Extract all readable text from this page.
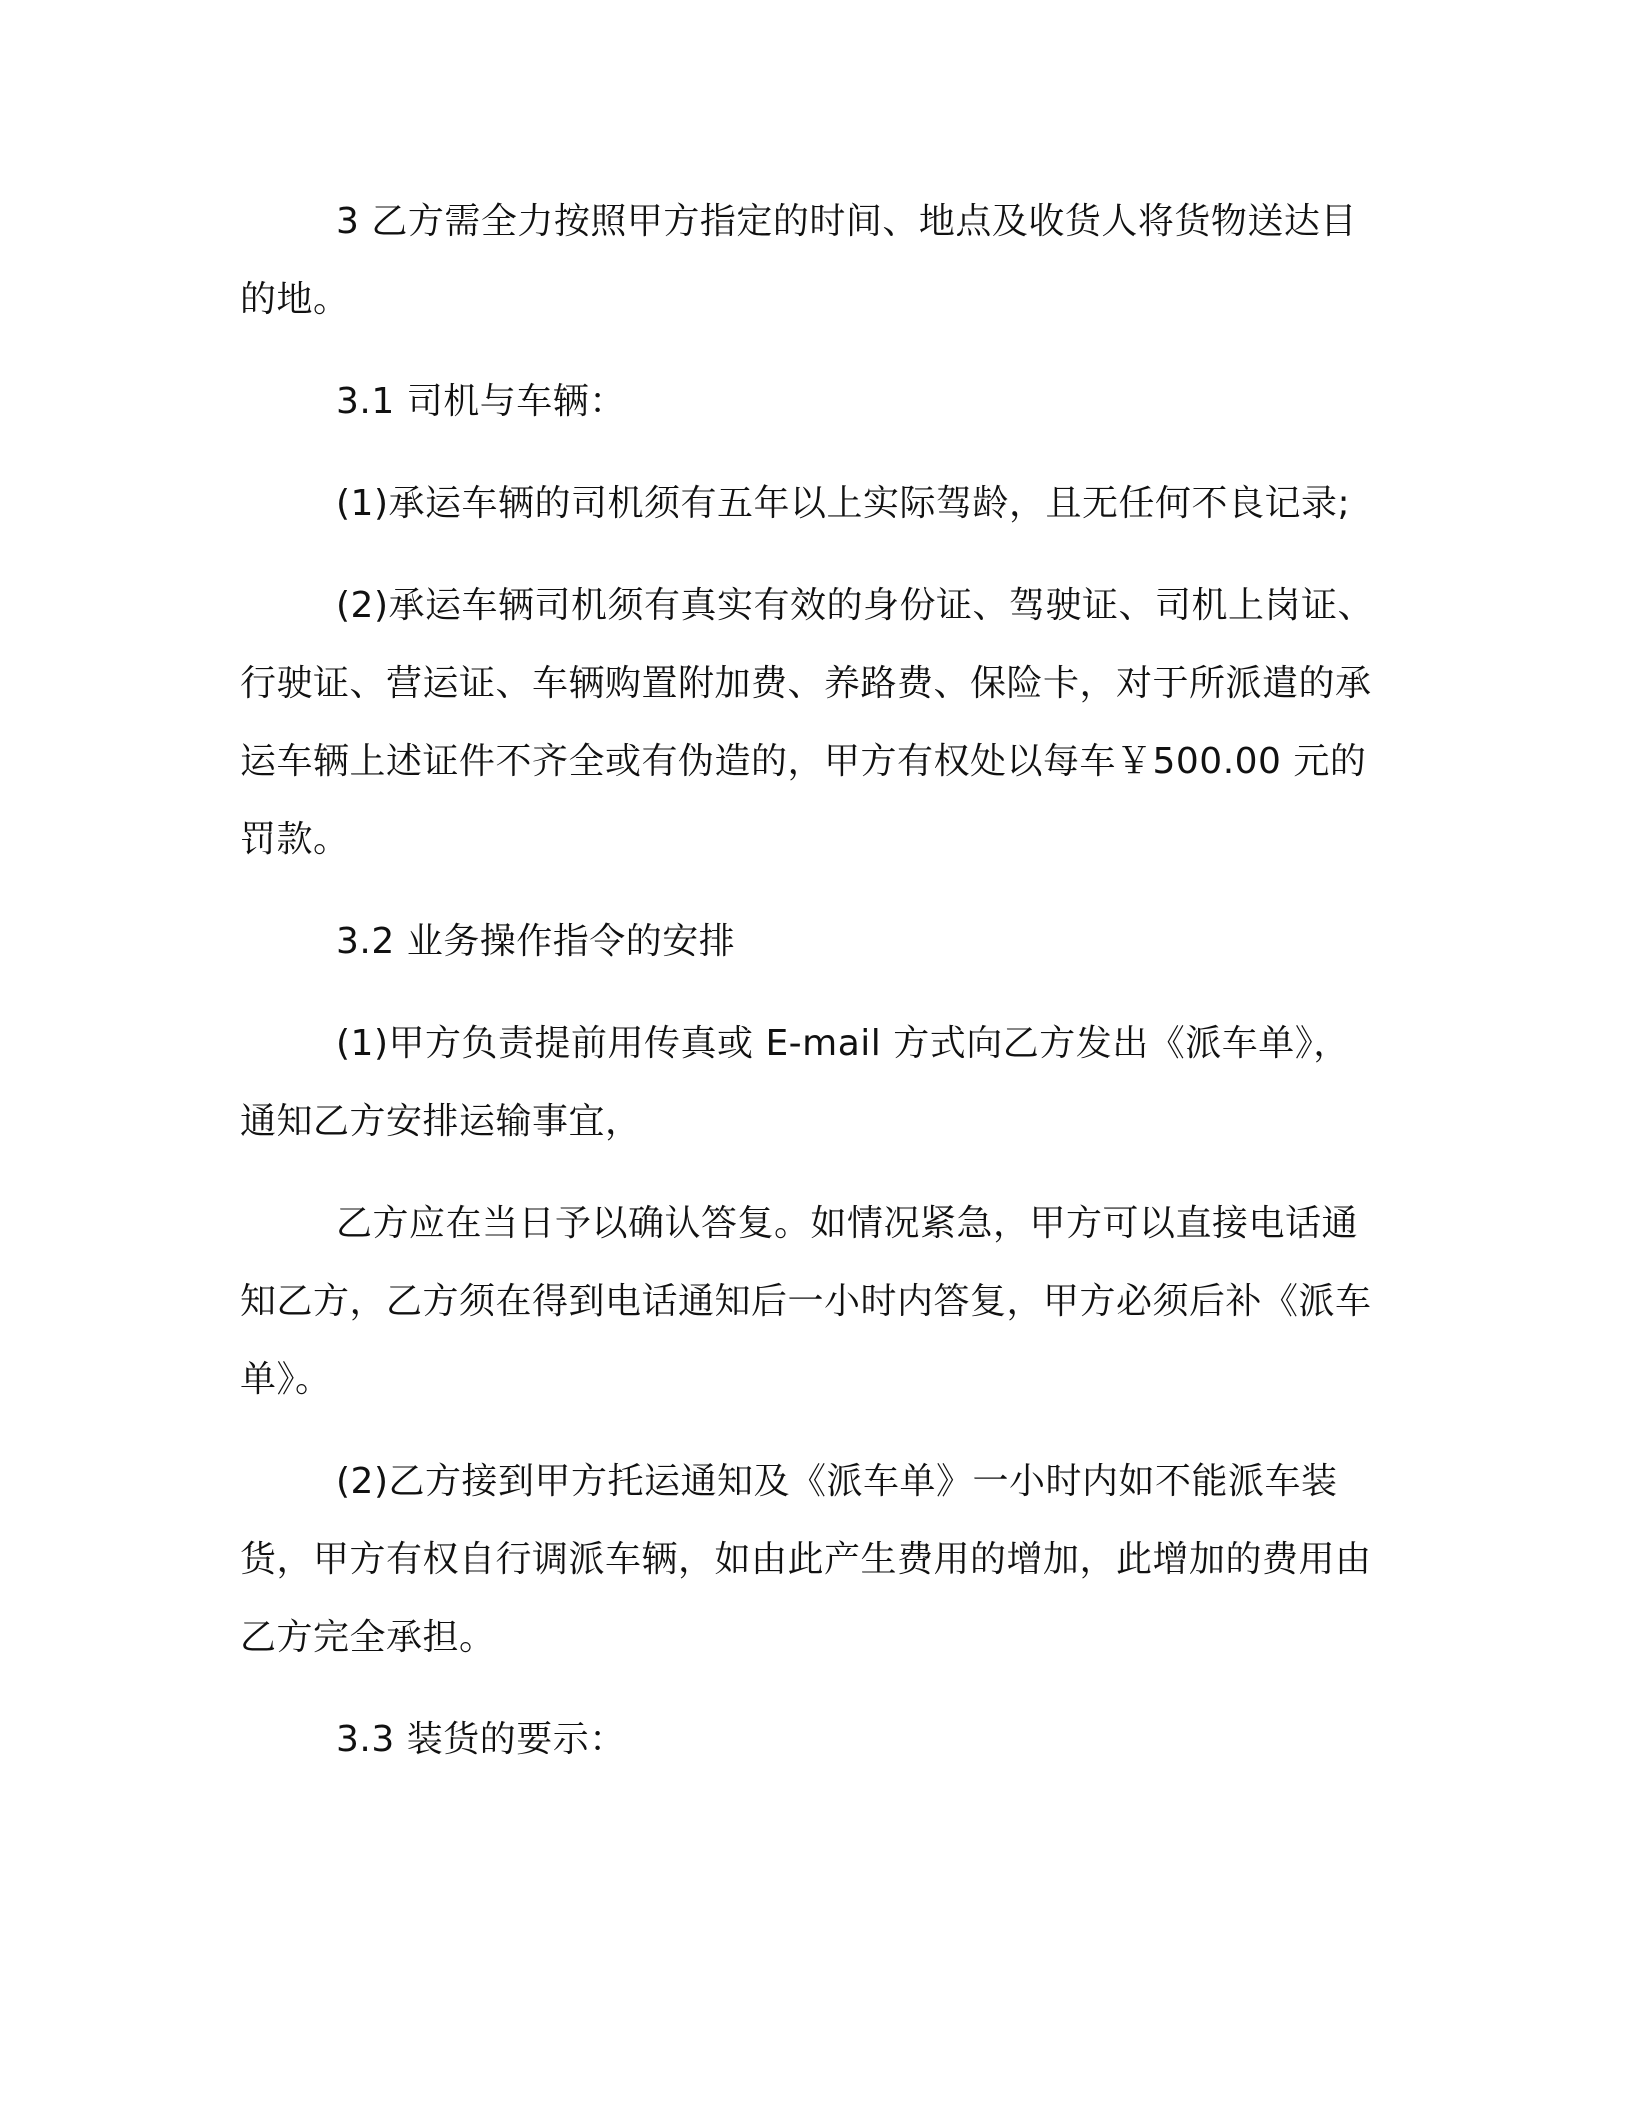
3 乙方需全力按照甲方指定的时间、地点及收货人将货物送达目的地。

3.1 司机与车辆：

(1)承运车辆的司机须有五年以上实际驾龄，且无任何不良记录;

(2)承运车辆司机须有真实有效的身份证、驾驶证、司机上岗证、行驶证、营运证、车辆购置附加费、养路费、保险卡，对于所派遣的承运车辆上述证件不齐全或有伪造的，甲方有权处以每车￥500.00 元的罚款。

3.2 业务操作指令的安排

(1)甲方负责提前用传真或 E-mail 方式向乙方发出《派车单》，通知乙方安排运输事宜，

乙方应在当日予以确认答复。如情况紧急，甲方可以直接电话通知乙方，乙方须在得到电话通知后一小时内答复，甲方必须后补《派车单》。

(2)乙方接到甲方托运通知及《派车单》一小时内如不能派车装货，甲方有权自行调派车辆，如由此产生费用的增加，此增加的费用由乙方完全承担。

3.3 装货的要示：
